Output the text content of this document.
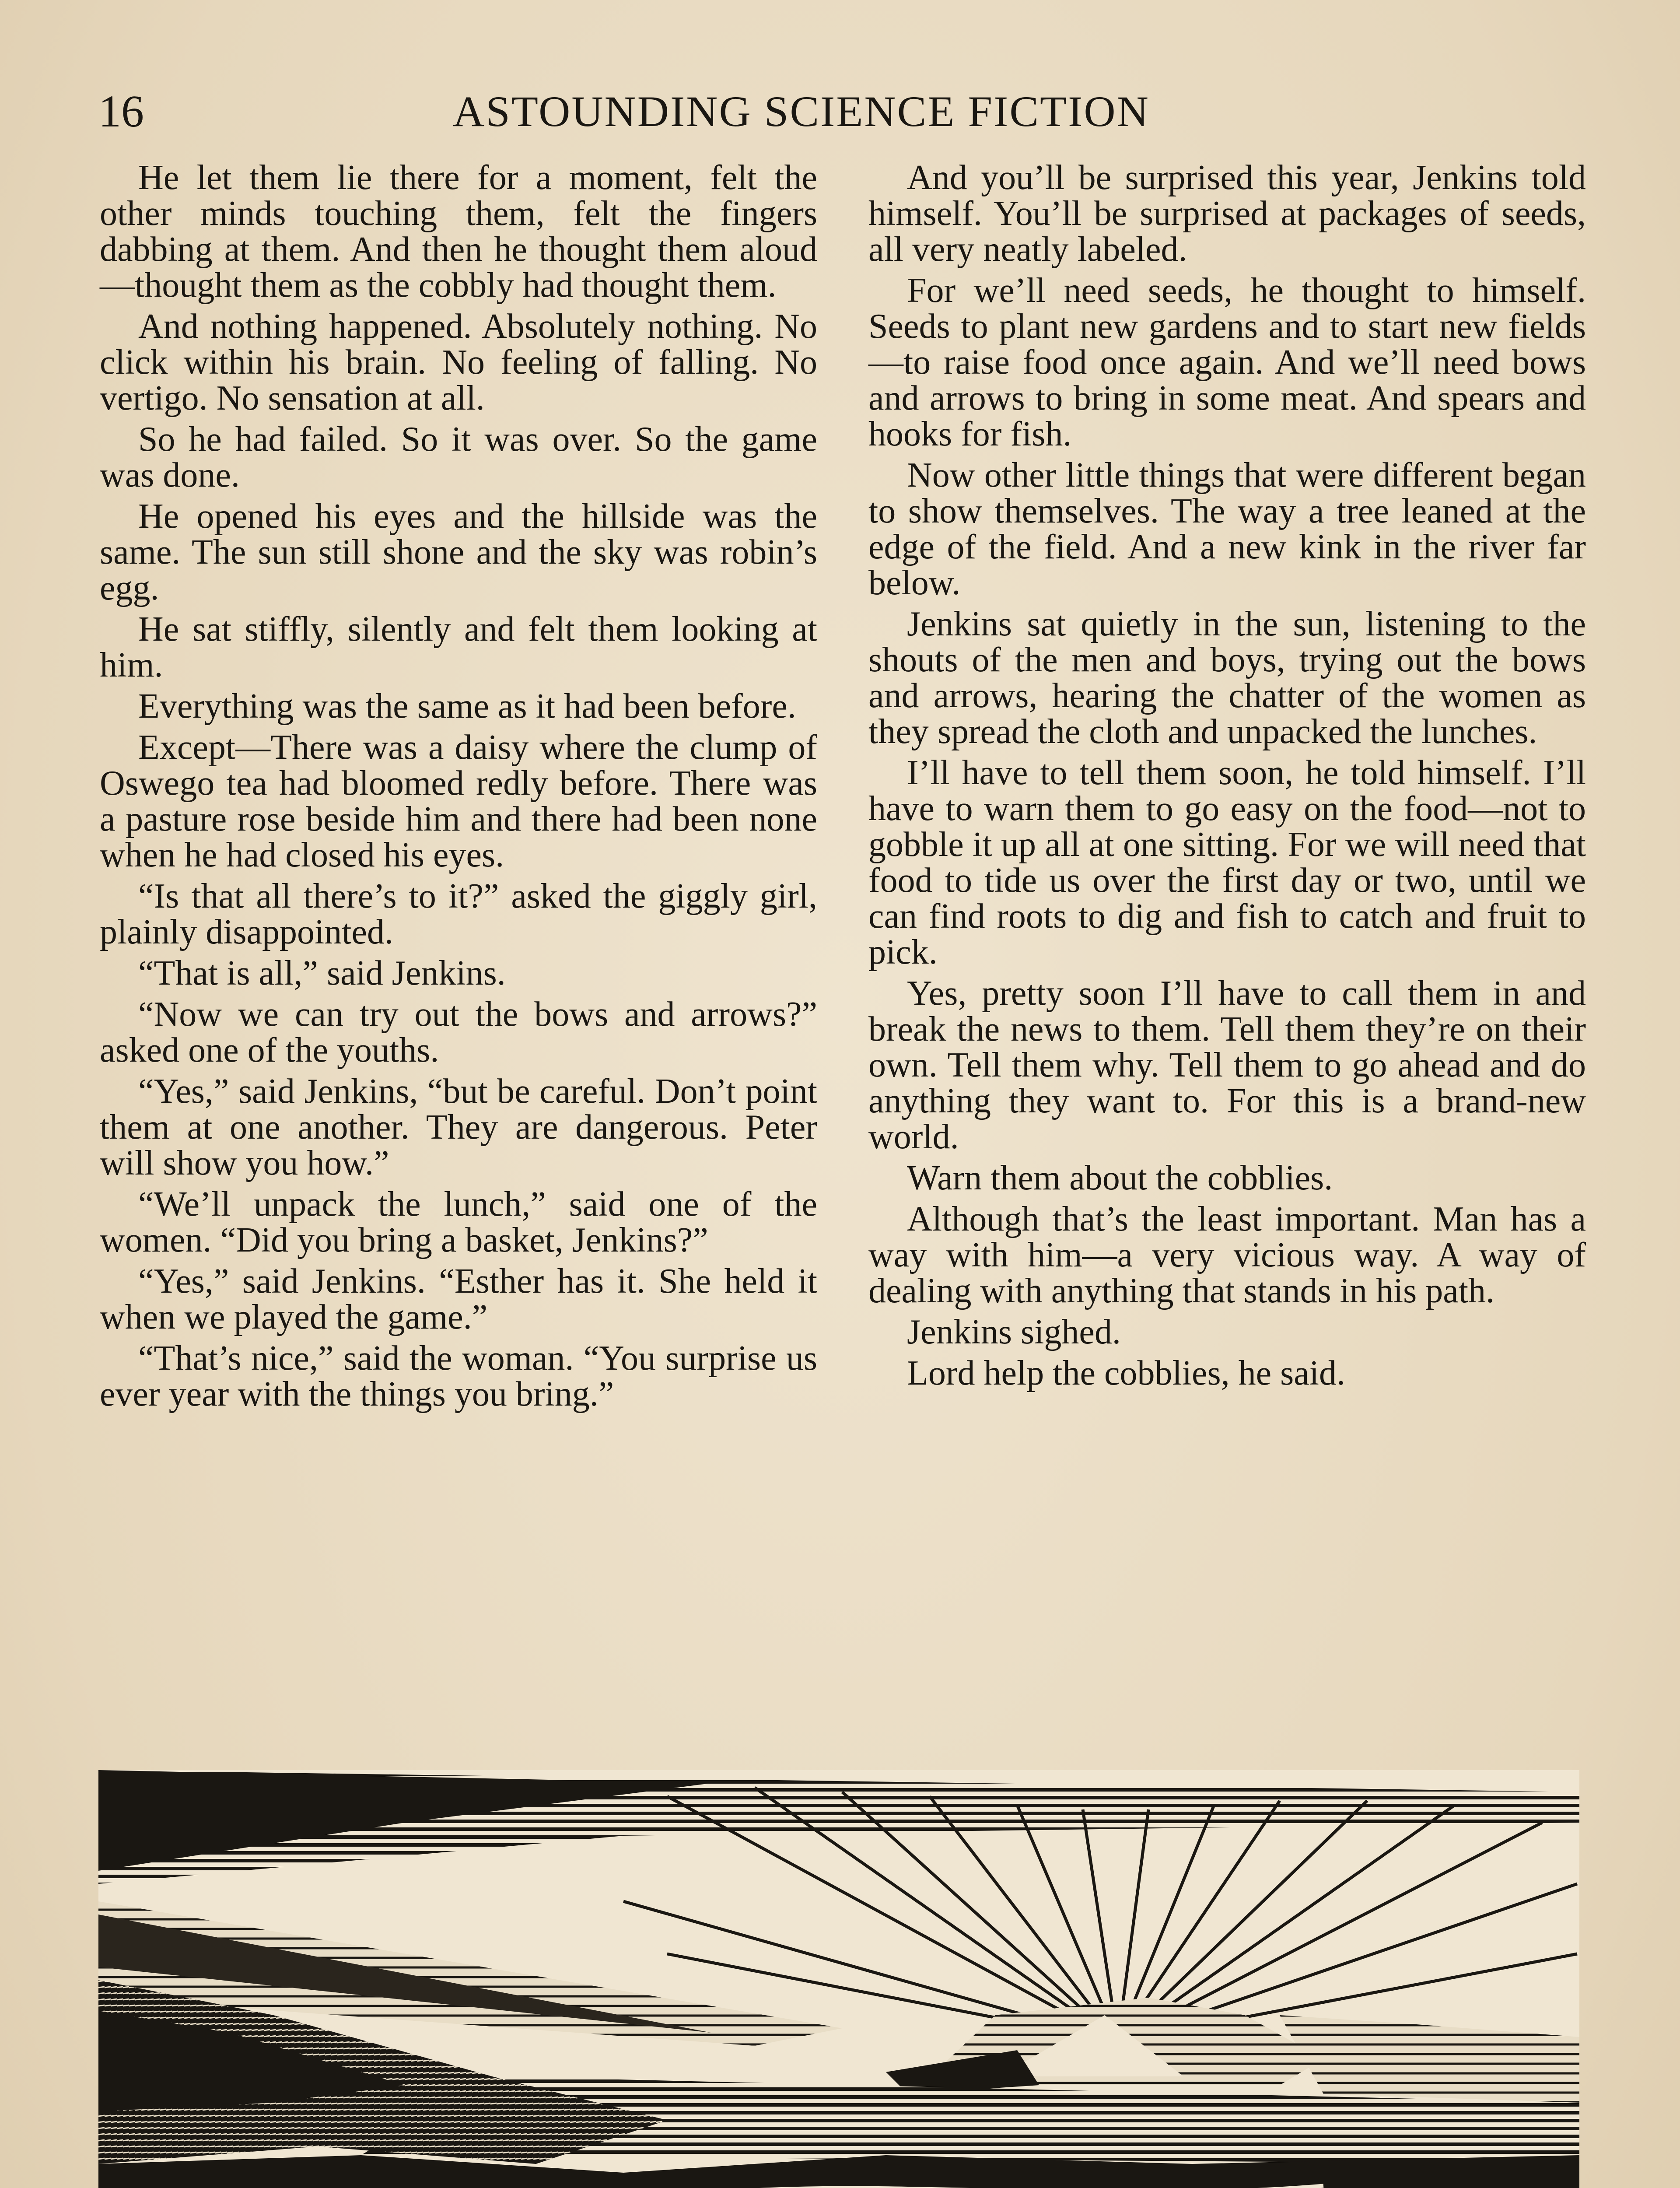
16	ASTOUNDING SCIENCE FICTION

He let them lie there for a moment, felt the other minds touching them, felt the fingers dabbing at them. And then he thought them aloud—thought them as the cobbly had thought them.

And nothing happened. Absolutely nothing. No click within his brain. No feeling of falling. No vertigo. No sensation at all.

So he had failed. So it was over. So the game was done.

He opened his eyes and the hillside was the same. The sun still shone and the sky was robin’s egg.

He sat stiffly, silently and felt them looking at him.

Everything was the same as it had been before.

Except—There was a daisy where the clump of Oswego tea had bloomed redly before. There was a pasture rose beside him and there had been none when he had closed his eyes.

“Is that all there’s to it?” asked the giggly girl, plainly disappointed.

“That is all,” said Jenkins.

“Now we can try out the bows and arrows?” asked one of the youths.

“Yes,” said Jenkins, “but be careful. Don’t point them at one another. They are dangerous. Peter will show you how.”

“We’ll unpack the lunch,” said one of the women. “Did you bring a basket, Jenkins?”

“Yes,” said Jenkins. “Esther has it. She held it when we played the game.”

“That’s nice,” said the woman. “You surprise us ever year with the things you bring.”

And you’ll be surprised this year, Jenkins told himself. You’ll be surprised at packages of seeds, all very neatly labeled.

For we’ll need seeds, he thought to himself. Seeds to plant new gardens and to start new fields—to raise food once again. And we’ll need bows and arrows to bring in some meat. And spears and hooks for fish.

Now other little things that were different began to show themselves. The way a tree leaned at the edge of the field. And a new kink in the river far below.

Jenkins sat quietly in the sun, listening to the shouts of the men and boys, trying out the bows and arrows, hearing the chatter of the women as they spread the cloth and unpacked the lunches.

I’ll have to tell them soon, he told himself. I’ll have to warn them to go easy on the food—not to gobble it up all at one sitting. For we will need that food to tide us over the first day or two, until we can find roots to dig and fish to catch and fruit to pick.

Yes, pretty soon I’ll have to call them in and break the news to them. Tell them they’re on their own. Tell them why. Tell them to go ahead and do anything they want to. For this is a brand-new world.

Warn them about the cobblies.

Although that’s the least important. Man has a way with him—a very vicious way. A way of dealing with anything that stands in his path.

Jenkins sighed.

Lord help the cobblies, he said.
